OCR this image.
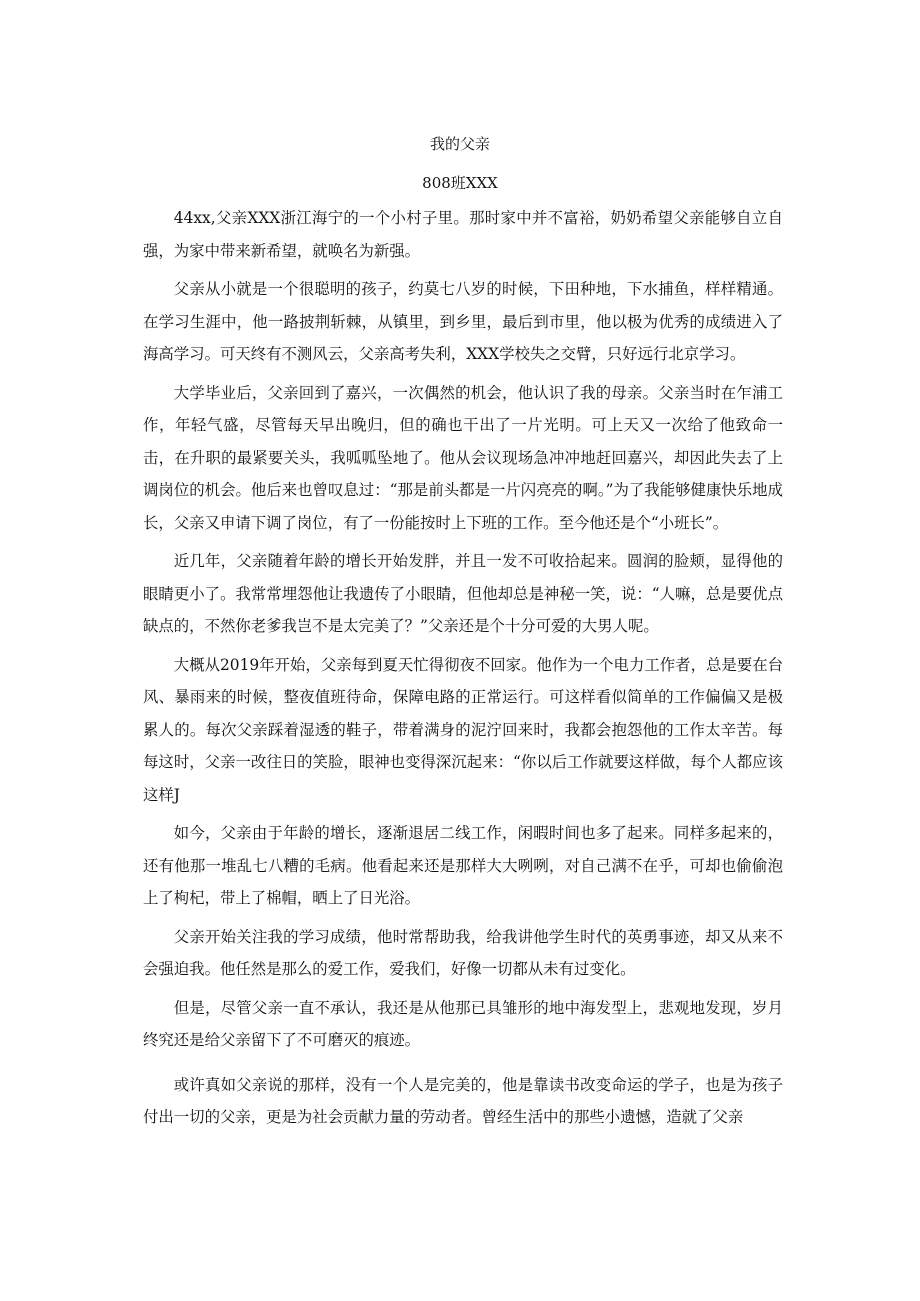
我的父亲
808班XXX

44xx,父亲XXX浙江海宁的一个小村子里。那时家中并不富裕，奶奶希望父亲能够自立自强，为家中带来新希望，就唤名为新强。

父亲从小就是一个很聪明的孩子，约莫七八岁的时候，下田种地，下水捕鱼，样样精通。在学习生涯中，他一路披荆斩棘，从镇里，到乡里，最后到市里，他以极为优秀的成绩进入了海高学习。可天终有不测风云，父亲高考失利，XXX学校失之交臂，只好远行北京学习。

大学毕业后，父亲回到了嘉兴，一次偶然的机会，他认识了我的母亲。父亲当时在乍浦工作，年轻气盛，尽管每天早出晚归，但的确也干出了一片光明。可上天又一次给了他致命一击，在升职的最紧要关头，我呱呱坠地了。他从会议现场急冲冲地赶回嘉兴，却因此失去了上调岗位的机会。他后来也曾叹息过：“那是前头都是一片闪亮亮的啊。”为了我能够健康快乐地成长，父亲又申请下调了岗位，有了一份能按时上下班的工作。至今他还是个“小班长”。

近几年，父亲随着年龄的增长开始发胖，并且一发不可收拾起来。圆润的脸颊，显得他的眼睛更小了。我常常埋怨他让我遗传了小眼睛，但他却总是神秘一笑，说：“人嘛，总是要优点缺点的，不然你老爹我岂不是太完美了？”父亲还是个十分可爱的大男人呢。

大概从2019年开始，父亲每到夏天忙得彻夜不回家。他作为一个电力工作者，总是要在台风、暴雨来的时候，整夜值班待命，保障电路的正常运行。可这样看似简单的工作偏偏又是极累人的。每次父亲踩着湿透的鞋子，带着满身的泥泞回来时，我都会抱怨他的工作太辛苦。每每这时，父亲一改往日的笑脸，眼神也变得深沉起来：“你以后工作就要这样做，每个人都应该这样J

如今，父亲由于年龄的增长，逐渐退居二线工作，闲暇时间也多了起来。同样多起来的，还有他那一堆乱七八糟的毛病。他看起来还是那样大大咧咧，对自己满不在乎，可却也偷偷泡上了枸杞，带上了棉帽，晒上了日光浴。

父亲开始关注我的学习成绩，他时常帮助我，给我讲他学生时代的英勇事迹，却又从来不会强迫我。他任然是那么的爱工作，爱我们，好像一切都从未有过变化。

但是，尽管父亲一直不承认，我还是从他那已具雏形的地中海发型上，悲观地发现，岁月终究还是给父亲留下了不可磨灭的痕迹。

或许真如父亲说的那样，没有一个人是完美的，他是靠读书改变命运的学子，也是为孩子付出一切的父亲，更是为社会贡献力量的劳动者。曾经生活中的那些小遗憾，造就了父亲
